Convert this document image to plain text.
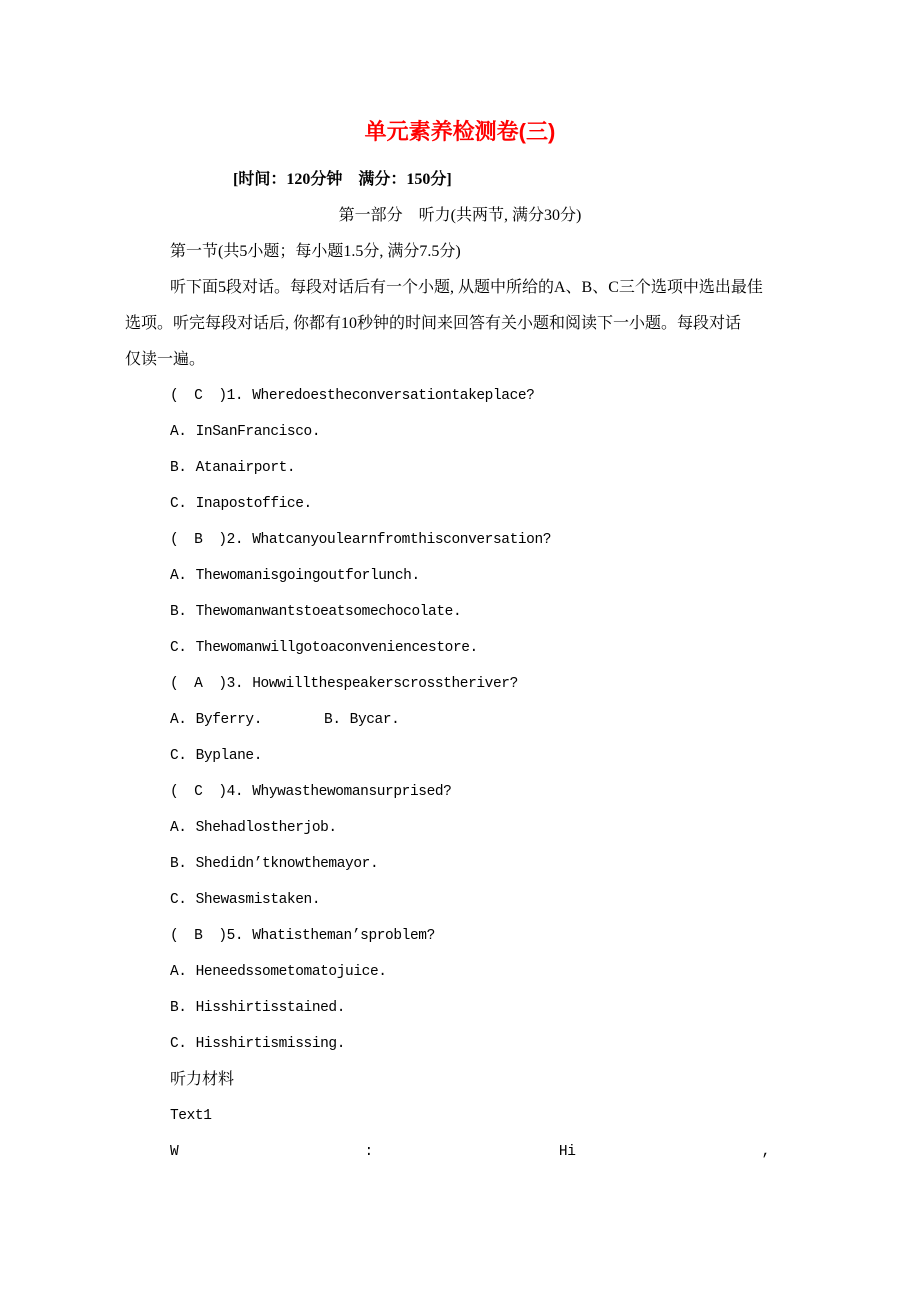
单元素养检测卷(三)

[时间：120分钟　满分：150分]

第一部分　听力(共两节, 满分30分)

第一节(共5小题；每小题1.5分, 满分7.5分)

听下面5段对话。每段对话后有一个小题, 从题中所给的A、B、C三个选项中选出最佳

选项。听完每段对话后, 你都有10秒钟的时间来回答有关小题和阅读下一小题。每段对话

仅读一遍。

( C )1. Wheredoestheconversationtakeplace?

A. InSanFrancisco.

B. Atanairport.

C. Inapostoffice.

( B )2. Whatcanyoulearnfromthisconversation?

A. Thewomanisgoingoutforlunch.

B. Thewomanwantstoeatsomechocolate.

C. Thewomanwillgotoaconveniencestore.

( A )3. Howwillthespeakerscrosstheriver?

A. Byferry.	B. Bycar.

C. Byplane.

( C )4. Whywasthewomansurprised?

A. Shehadlostherjob.

B. Shedidn’tknowthemayor.

C. Shewasmistaken.

( B )5. Whatistheman’sproblem?

A. Heneedssometomatojuice.

B. Hisshirtisstained.

C. Hisshirtismissing.

听力材料

Text1

W	:	Hi	,
